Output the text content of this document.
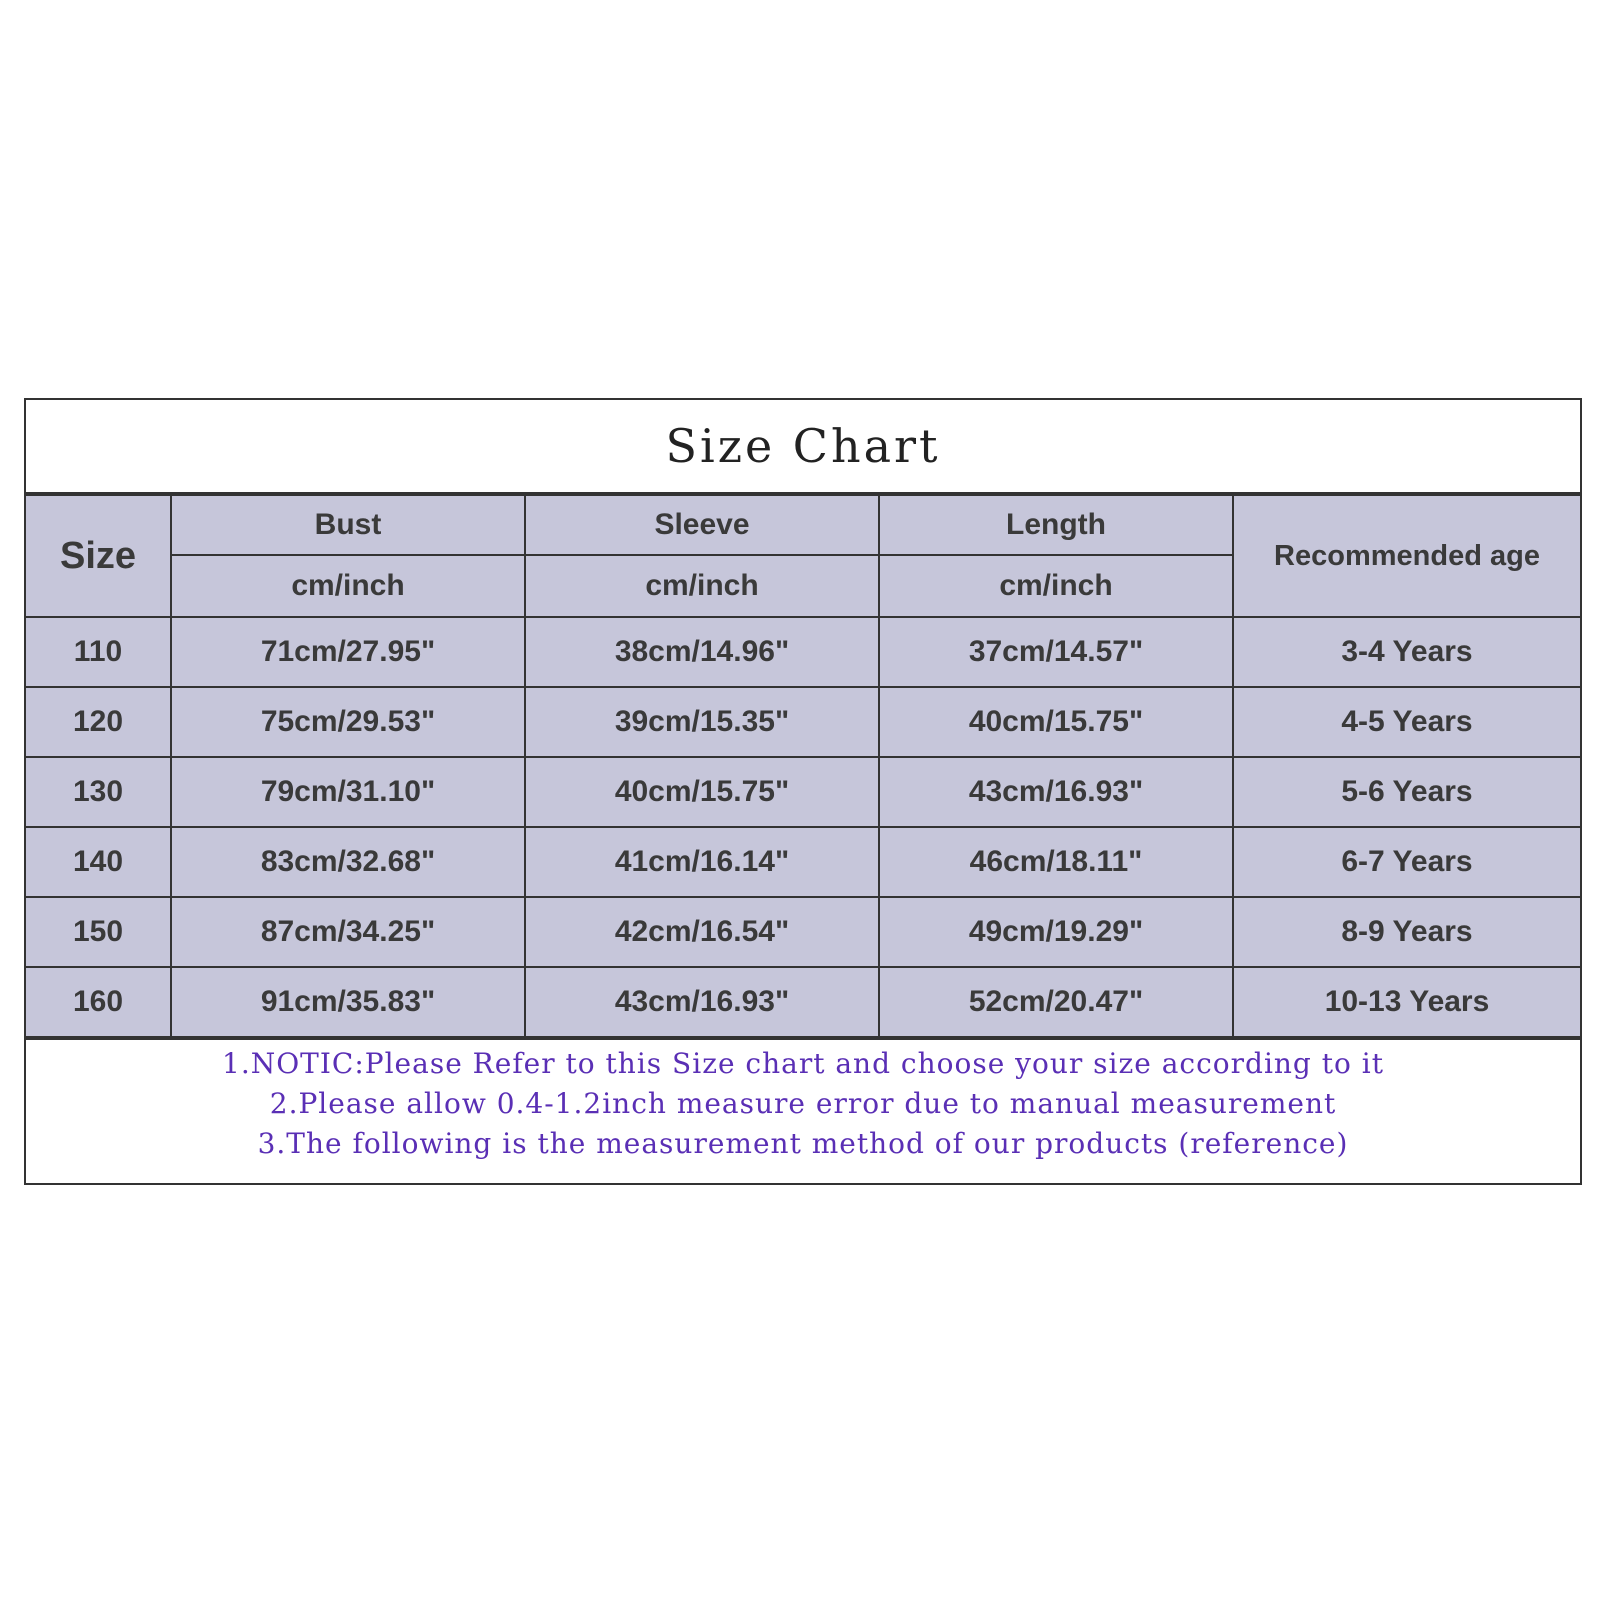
Size Chart
Size	Bust	Sleeve	Length	Recommended age
	cm/inch	cm/inch	cm/inch	
110	71cm/27.95"	38cm/14.96"	37cm/14.57"	3-4 Years
120	75cm/29.53"	39cm/15.35"	40cm/15.75"	4-5 Years
130	79cm/31.10"	40cm/15.75"	43cm/16.93"	5-6 Years
140	83cm/32.68"	41cm/16.14"	46cm/18.11"	6-7 Years
150	87cm/34.25"	42cm/16.54"	49cm/19.29"	8-9 Years
160	91cm/35.83"	43cm/16.93"	52cm/20.47"	10-13 Years
1.NOTIC:Please Refer to this Size chart and choose your size according to it
2.Please allow 0.4-1.2inch measure error due to manual measurement
3.The following is the measurement method of our products (reference)
